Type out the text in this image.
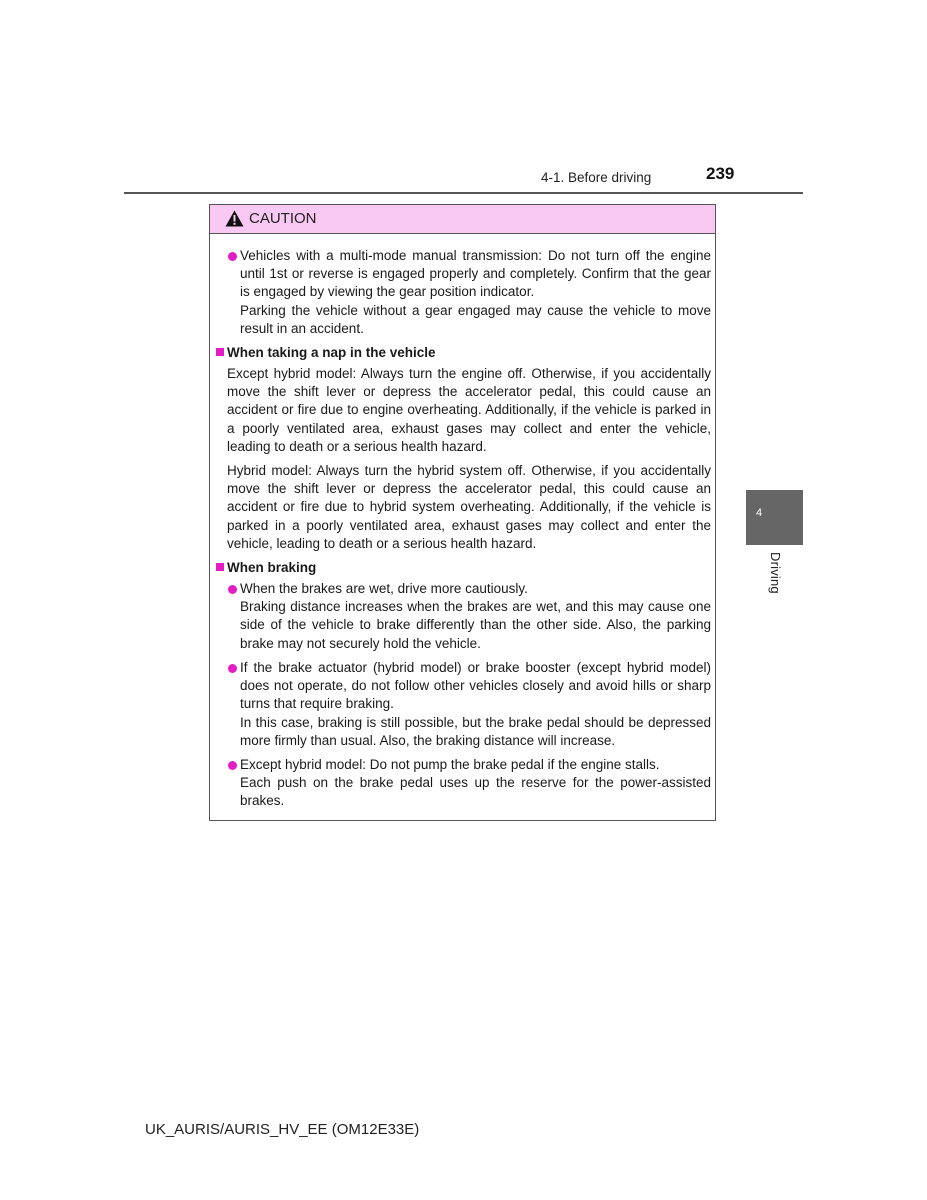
4-1. Before driving	239
4
Driving
CAUTION

Vehicles with a multi-mode manual transmission: Do not turn off the engine until 1st or reverse is engaged properly and completely. Confirm that the gear is engaged by viewing the gear position indicator.

Parking the vehicle without a gear engaged may cause the vehicle to move result in an accident.

When taking a nap in the vehicle

Except hybrid model: Always turn the engine off. Otherwise, if you accidentally move the shift lever or depress the accelerator pedal, this could cause an accident or fire due to engine overheating. Additionally, if the vehicle is parked in a poorly ventilated area, exhaust gases may collect and enter the vehicle, leading to death or a serious health hazard.

Hybrid model: Always turn the hybrid system off. Otherwise, if you accidentally move the shift lever or depress the accelerator pedal, this could cause an accident or fire due to hybrid system overheating. Additionally, if the vehicle is parked in a poorly ventilated area, exhaust gases may collect and enter the vehicle, leading to death or a serious health hazard.

When braking

When the brakes are wet, drive more cautiously.

Braking distance increases when the brakes are wet, and this may cause one side of the vehicle to brake differently than the other side. Also, the parking brake may not securely hold the vehicle.

If the brake actuator (hybrid model) or brake booster (except hybrid model) does not operate, do not follow other vehicles closely and avoid hills or sharp turns that require braking.

In this case, braking is still possible, but the brake pedal should be depressed more firmly than usual. Also, the braking distance will increase.

Except hybrid model: Do not pump the brake pedal if the engine stalls.

Each push on the brake pedal uses up the reserve for the power-assisted brakes.

UK_AURIS/AURIS_HV_EE (OM12E33E)
